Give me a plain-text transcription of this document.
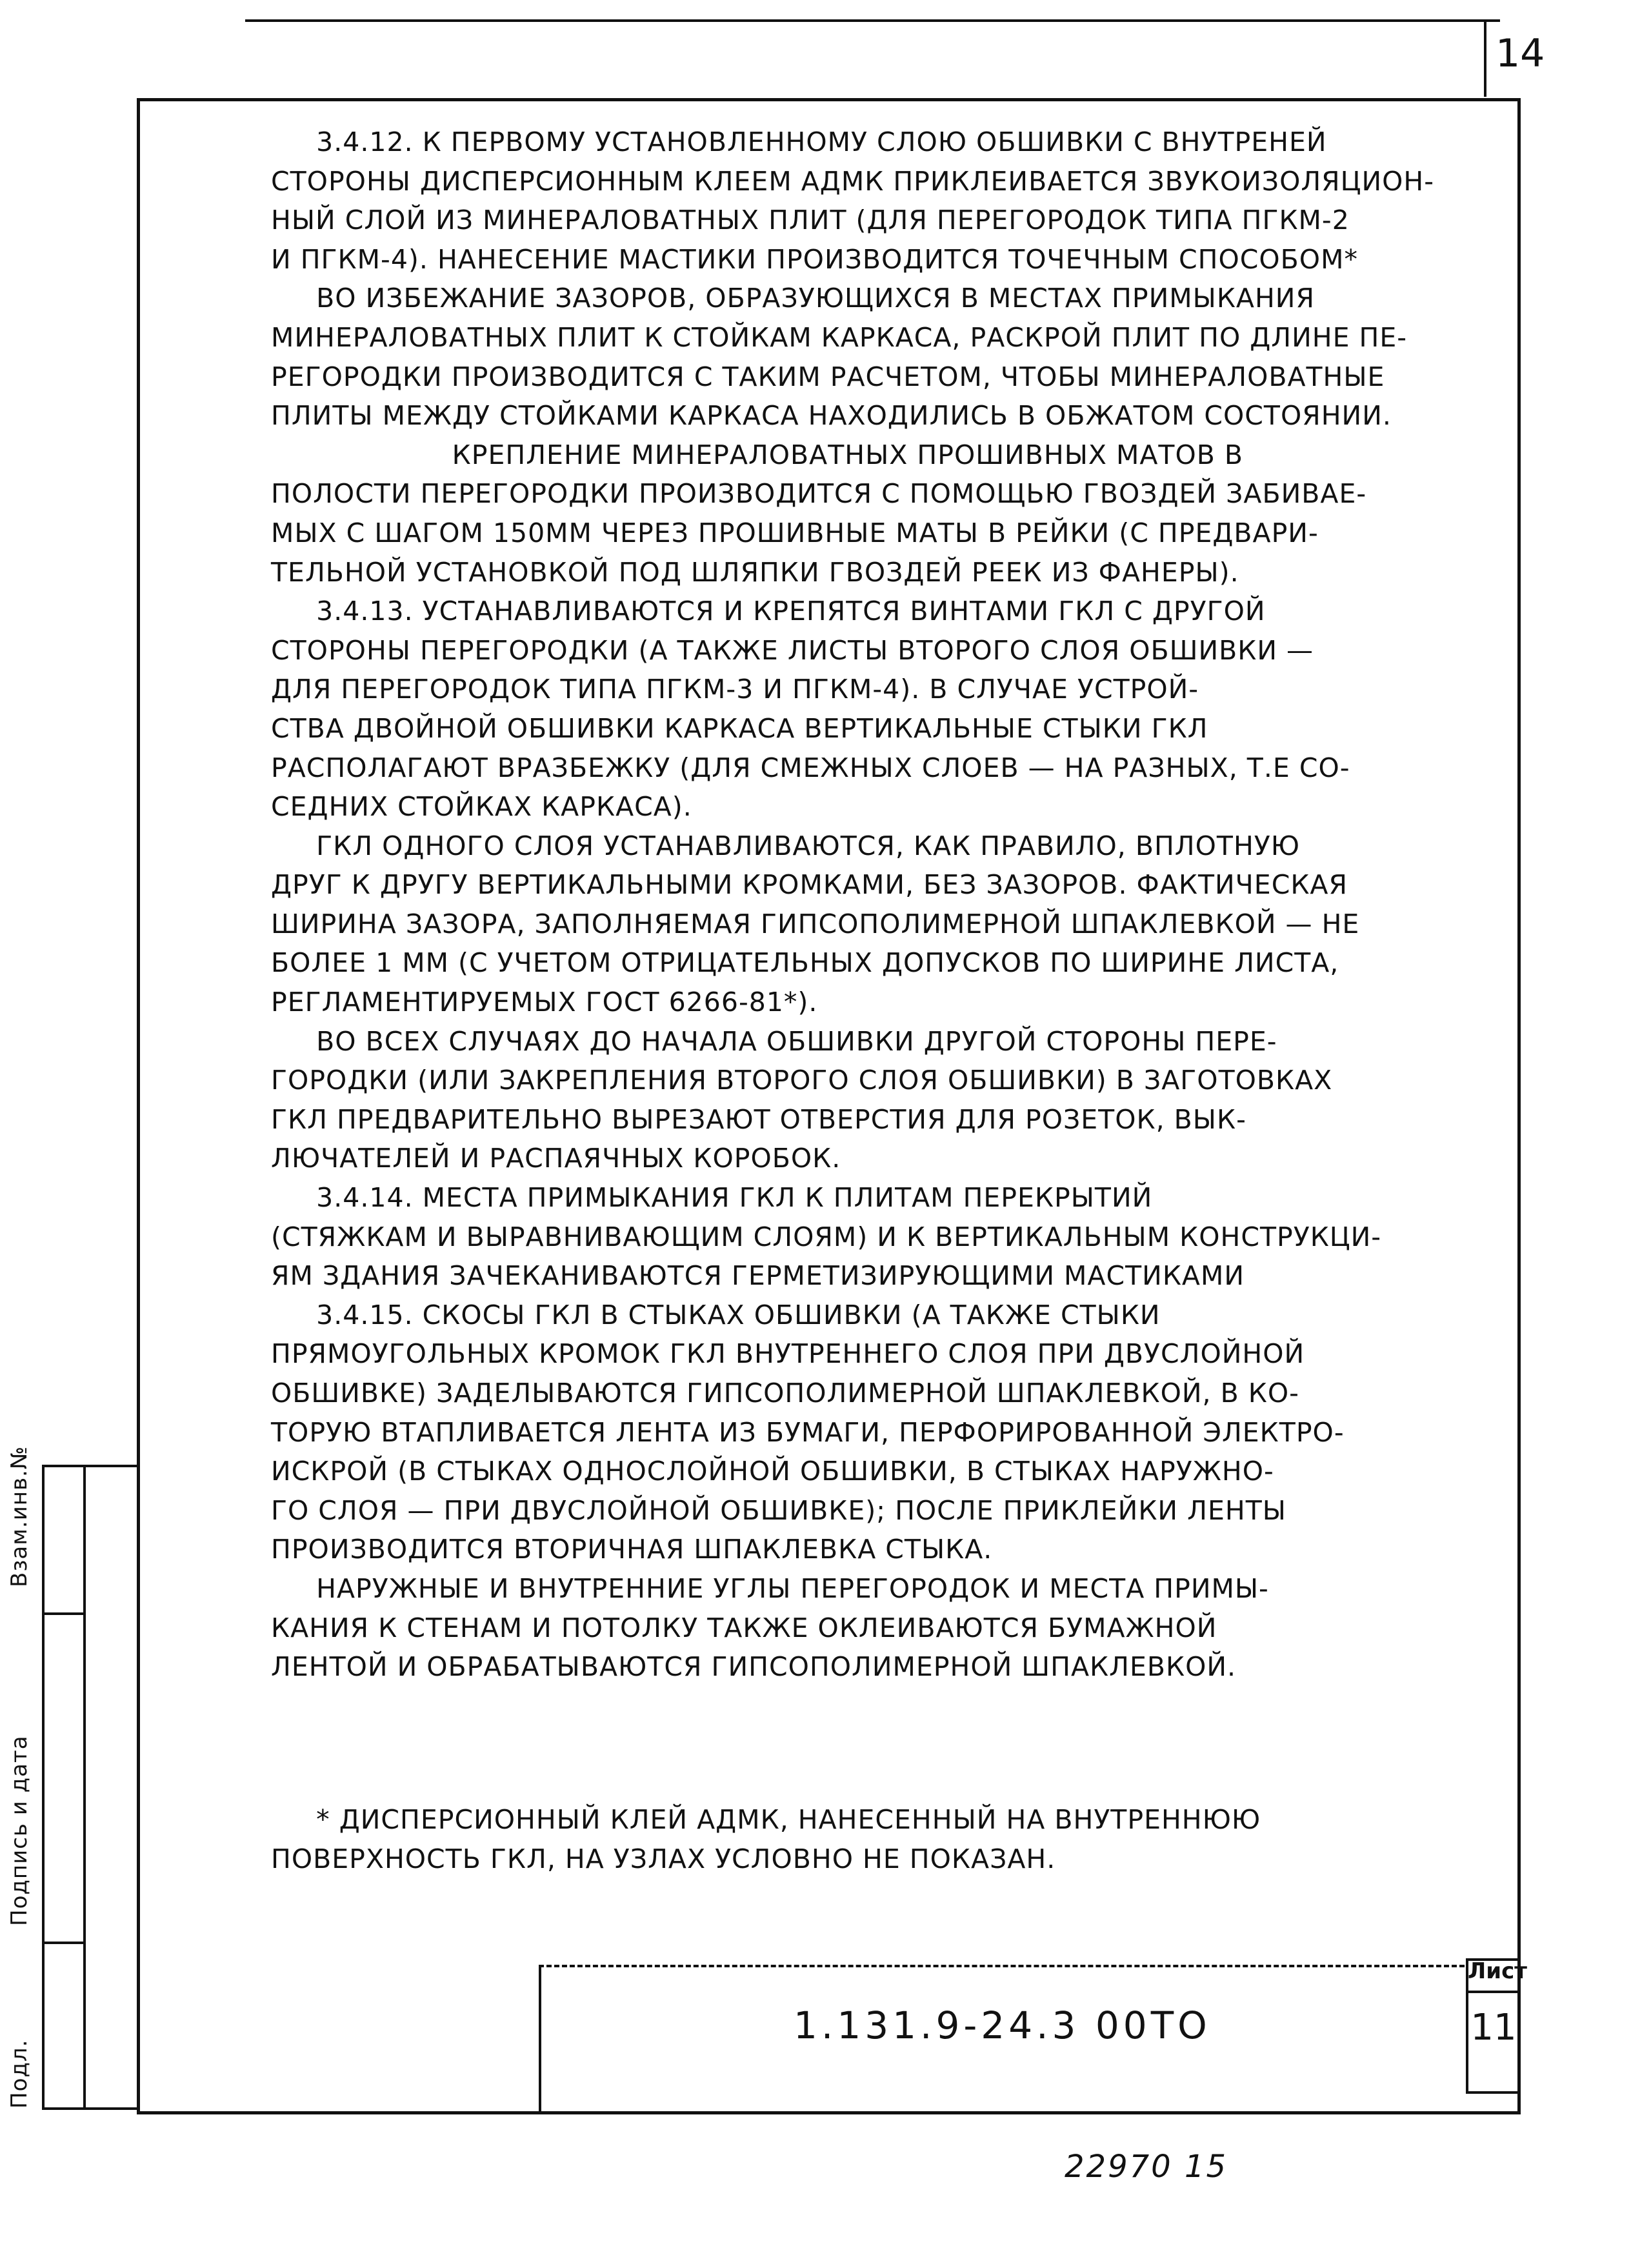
14
Взам.инв.№
Подпись и дата
Подл.

3.4.12. К ПЕРВОМУ УСТАНОВЛЕННОМУ СЛОЮ ОБШИВКИ С ВНУТРЕНЕЙ

СТОРОНЫ ДИСПЕРСИОННЫМ КЛЕЕМ АДМК ПРИКЛЕИВАЕТСЯ ЗВУКОИЗОЛЯЦИОН-

НЫЙ СЛОЙ ИЗ МИНЕРАЛОВАТНЫХ ПЛИТ (ДЛЯ ПЕРЕГОРОДОК ТИПА ПГКМ-2

И ПГКМ-4). НАНЕСЕНИЕ МАСТИКИ ПРОИЗВОДИТСЯ ТОЧЕЧНЫМ СПОСОБОМ*

ВО ИЗБЕЖАНИЕ ЗАЗОРОВ, ОБРАЗУЮЩИХСЯ В МЕСТАХ ПРИМЫКАНИЯ

МИНЕРАЛОВАТНЫХ ПЛИТ К СТОЙКАМ КАРКАСА, РАСКРОЙ ПЛИТ ПО ДЛИНЕ ПЕ-

РЕГОРОДКИ ПРОИЗВОДИТСЯ С ТАКИМ РАСЧЕТОМ, ЧТОБЫ МИНЕРАЛОВАТНЫЕ

ПЛИТЫ МЕЖДУ СТОЙКАМИ КАРКАСА НАХОДИЛИСЬ В ОБЖАТОМ СОСТОЯНИИ.

КРЕПЛЕНИЕ МИНЕРАЛОВАТНЫХ ПРОШИВНЫХ МАТОВ В

ПОЛОСТИ ПЕРЕГОРОДКИ ПРОИЗВОДИТСЯ С ПОМОЩЬЮ ГВОЗДЕЙ ЗАБИВАЕ-

МЫХ С ШАГОМ 150ММ ЧЕРЕЗ ПРОШИВНЫЕ МАТЫ В РЕЙКИ (С ПРЕДВАРИ-

ТЕЛЬНОЙ УСТАНОВКОЙ ПОД ШЛЯПКИ ГВОЗДЕЙ РЕЕК ИЗ ФАНЕРЫ).

3.4.13. УСТАНАВЛИВАЮТСЯ И КРЕПЯТСЯ ВИНТАМИ ГКЛ С ДРУГОЙ

СТОРОНЫ ПЕРЕГОРОДКИ (А ТАКЖЕ ЛИСТЫ ВТОРОГО СЛОЯ ОБШИВКИ —

ДЛЯ ПЕРЕГОРОДОК ТИПА ПГКМ-3 И ПГКМ-4). В СЛУЧАЕ УСТРОЙ-

СТВА ДВОЙНОЙ ОБШИВКИ КАРКАСА ВЕРТИКАЛЬНЫЕ СТЫКИ ГКЛ

РАСПОЛАГАЮТ ВРАЗБЕЖКУ (ДЛЯ СМЕЖНЫХ СЛОЕВ — НА РАЗНЫХ, Т.Е СО-

СЕДНИХ СТОЙКАХ КАРКАСА).

ГКЛ ОДНОГО СЛОЯ УСТАНАВЛИВАЮТСЯ, КАК ПРАВИЛО, ВПЛОТНУЮ

ДРУГ К ДРУГУ ВЕРТИКАЛЬНЫМИ КРОМКАМИ, БЕЗ ЗАЗОРОВ. ФАКТИЧЕСКАЯ

ШИРИНА ЗАЗОРА, ЗАПОЛНЯЕМАЯ ГИПСОПОЛИМЕРНОЙ ШПАКЛЕВКОЙ — НЕ

БОЛЕЕ 1 ММ (С УЧЕТОМ ОТРИЦАТЕЛЬНЫХ ДОПУСКОВ ПО ШИРИНЕ ЛИСТА,

РЕГЛАМЕНТИРУЕМЫХ ГОСТ 6266-81*).

ВО ВСЕХ СЛУЧАЯХ ДО НАЧАЛА ОБШИВКИ ДРУГОЙ СТОРОНЫ ПЕРЕ-

ГОРОДКИ (ИЛИ ЗАКРЕПЛЕНИЯ ВТОРОГО СЛОЯ ОБШИВКИ) В ЗАГОТОВКАХ

ГКЛ ПРЕДВАРИТЕЛЬНО ВЫРЕЗАЮТ ОТВЕРСТИЯ ДЛЯ РОЗЕТОК, ВЫК-

ЛЮЧАТЕЛЕЙ И РАСПАЯЧНЫХ КОРОБОК.

3.4.14. МЕСТА ПРИМЫКАНИЯ ГКЛ К ПЛИТАМ ПЕРЕКРЫТИЙ

(СТЯЖКАМ И ВЫРАВНИВАЮЩИМ СЛОЯМ) И К ВЕРТИКАЛЬНЫМ КОНСТРУКЦИ-

ЯМ ЗДАНИЯ ЗАЧЕКАНИВАЮТСЯ ГЕРМЕТИЗИРУЮЩИМИ МАСТИКАМИ

3.4.15. СКОСЫ ГКЛ В СТЫКАХ ОБШИВКИ (А ТАКЖЕ СТЫКИ

ПРЯМОУГОЛЬНЫХ КРОМОК ГКЛ ВНУТРЕННЕГО СЛОЯ ПРИ ДВУСЛОЙНОЙ

ОБШИВКЕ) ЗАДЕЛЫВАЮТСЯ ГИПСОПОЛИМЕРНОЙ ШПАКЛЕВКОЙ, В КО-

ТОРУЮ ВТАПЛИВАЕТСЯ ЛЕНТА ИЗ БУМАГИ, ПЕРФОРИРОВАННОЙ ЭЛЕКТРО-

ИСКРОЙ (В СТЫКАХ ОДНОСЛОЙНОЙ ОБШИВКИ, В СТЫКАХ НАРУЖНО-

ГО СЛОЯ — ПРИ ДВУСЛОЙНОЙ ОБШИВКЕ); ПОСЛЕ ПРИКЛЕЙКИ ЛЕНТЫ

ПРОИЗВОДИТСЯ ВТОРИЧНАЯ ШПАКЛЕВКА СТЫКА.

НАРУЖНЫЕ И ВНУТРЕННИЕ УГЛЫ ПЕРЕГОРОДОК И МЕСТА ПРИМЫ-

КАНИЯ К СТЕНАМ И ПОТОЛКУ ТАКЖЕ ОКЛЕИВАЮТСЯ БУМАЖНОЙ

ЛЕНТОЙ И ОБРАБАТЫВАЮТСЯ ГИПСОПОЛИМЕРНОЙ ШПАКЛЕВКОЙ.

* ДИСПЕРСИОННЫЙ КЛЕЙ АДМК, НАНЕСЕННЫЙ НА ВНУТРЕННЮЮ

ПОВЕРХНОСТЬ ГКЛ, НА УЗЛАХ УСЛОВНО НЕ ПОКАЗАН.

1.131.9-24.3 00ТО
Лист
11
22970 15
